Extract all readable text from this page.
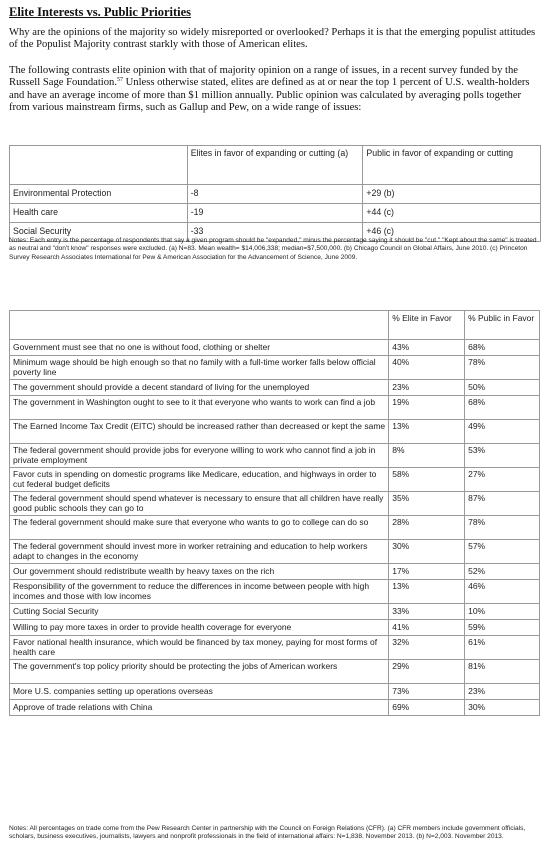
Elite Interests vs. Public Priorities
Why are the opinions of the majority so widely misreported or overlooked? Perhaps it is that the emerging populist attitudes of the Populist Majority contrast starkly with those of American elites.
The following contrasts elite opinion with that of majority opinion on a range of issues, in a recent survey funded by the Russell Sage Foundation.$^{57}$ Unless otherwise stated, elites are defined as at or near the top 1 percent of U.S. wealth-holders and have an average income of more than $1 million annually. Public opinion was calculated by averaging polls together from various mainstream firms, such as Gallup and Pew, on a wide range of issues:
	Elites in favor of expanding or cutting (a)	Public in favor of expanding or cutting
Environmental Protection	-8	+29 (b)
Health care	-19	+44 (c)
Social Security	-33	+46 (c)
Notes: Each entry is the percentage of respondents that say a given program should be "expanded," minus the percentage saying it should be "cut." "Kept about the same" is treated as neutral and "don't know" responses were excluded. (a) N=83. Mean wealth= $14,006,338; median=$7,500,000. (b) Chicago Council on Global Affairs, June 2010. (c) Princeton Survey Research Associates International for Pew & American Association for the Advancement of Science, June 2009.
	% Elite in Favor	% Public in Favor
Government must see that no one is without food, clothing or shelter	43%	68%
Minimum wage should be high enough so that no family with a full-time worker falls below official poverty line	40%	78%
The government should provide a decent standard of living for the unemployed	23%	50%
The government in Washington ought to see to it that everyone who wants to work can find a job	19%	68%
The Earned Income Tax Credit (EITC) should be increased rather than decreased or kept the same	13%	49%
The federal government should provide jobs for everyone willing to work who cannot find a job in private employment	8%	53%
Favor cuts in spending on domestic programs like Medicare, education, and highways in order to cut federal budget deficits	58%	27%
The federal government should spend whatever is necessary to ensure that all children have really good public schools they can go to	35%	87%
The federal government should make sure that everyone who wants to go to college can do so	28%	78%
The federal government should invest more in worker retraining and education to help workers adapt to changes in the economy	30%	57%
Our government should redistribute wealth by heavy taxes on the rich	17%	52%
Responsibility of the government to reduce the differences in income between people with high incomes and those with low incomes	13%	46%
Cutting Social Security	33%	10%
Willing to pay more taxes in order to provide health coverage for everyone	41%	59%
Favor national health insurance, which would be financed by tax money, paying for most forms of health care	32%	61%
The government's top policy priority should be protecting the jobs of American workers	29%	81%
More U.S. companies setting up operations overseas	73%	23%
Approve of trade relations with China	69%	30%
Notes: All percentages on trade come from the Pew Research Center in partnership with the Council on Foreign Relations (CFR). (a) CFR members include government officials, scholars, business executives, journalists, lawyers and nonprofit professionals in the field of international affairs: N=1,838. November 2013. (b) N=2,003. November 2013.
